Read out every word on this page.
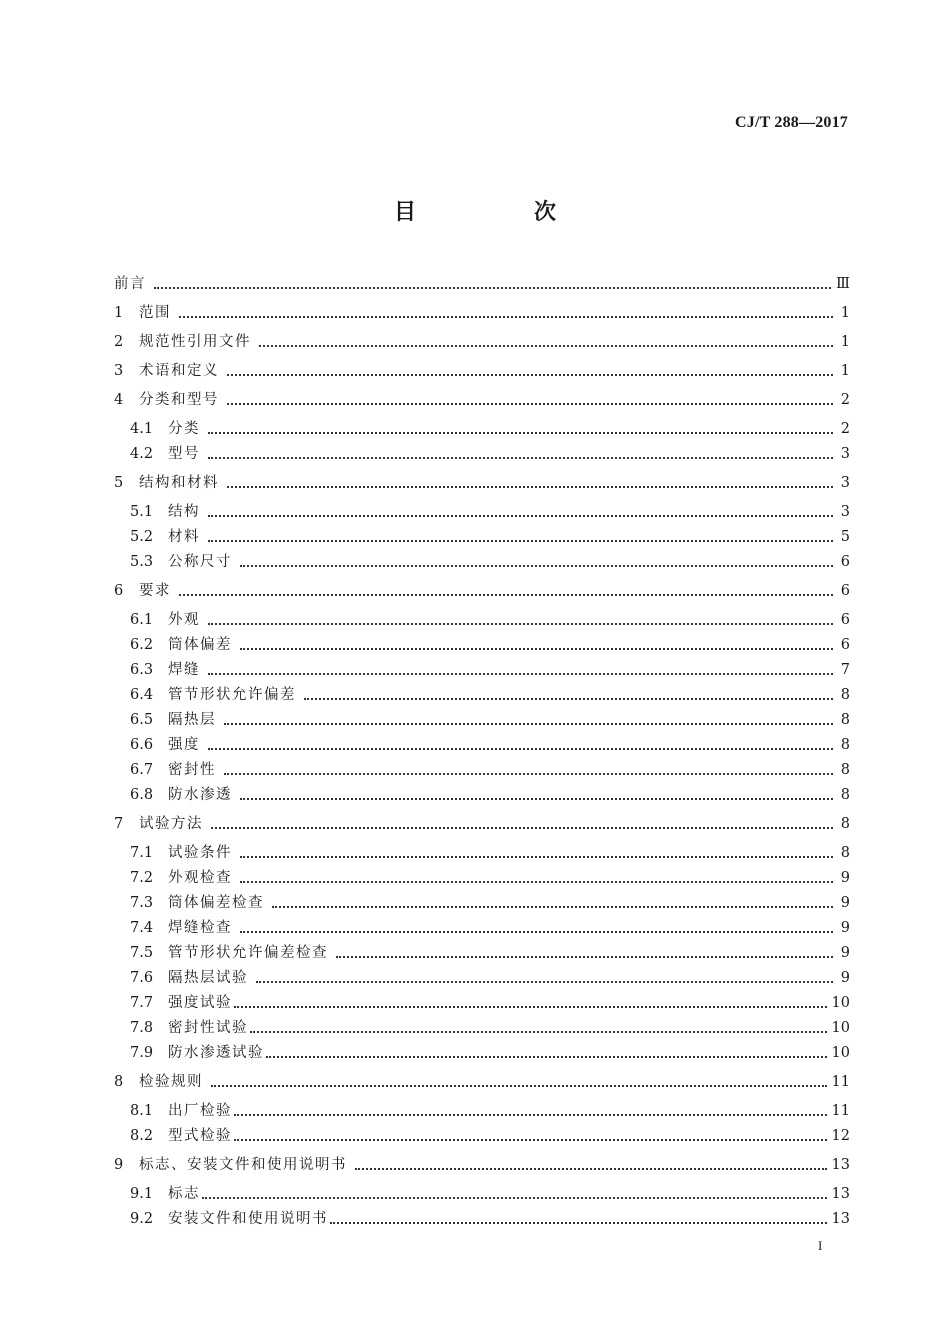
CJ/T 288—2017
目　次
前言	Ⅲ
1	范围	1
2	规范性引用文件	1
3	术语和定义	1
4	分类和型号	2
4.1	分类	2
4.2	型号	3
5	结构和材料	3
5.1	结构	3
5.2	材料	5
5.3	公称尺寸	6
6	要求	6
6.1	外观	6
6.2	筒体偏差	6
6.3	焊缝	7
6.4	管节形状允许偏差	8
6.5	隔热层	8
6.6	强度	8
6.7	密封性	8
6.8	防水渗透	8
7	试验方法	8
7.1	试验条件	8
7.2	外观检查	9
7.3	筒体偏差检查	9
7.4	焊缝检查	9
7.5	管节形状允许偏差检查	9
7.6	隔热层试验	9
7.7	强度试验	10
7.8	密封性试验	10
7.9	防水渗透试验	10
8	检验规则	11
8.1	出厂检验	11
8.2	型式检验	12
9	标志、安装文件和使用说明书	13
9.1	标志	13
9.2	安装文件和使用说明书	13
I
